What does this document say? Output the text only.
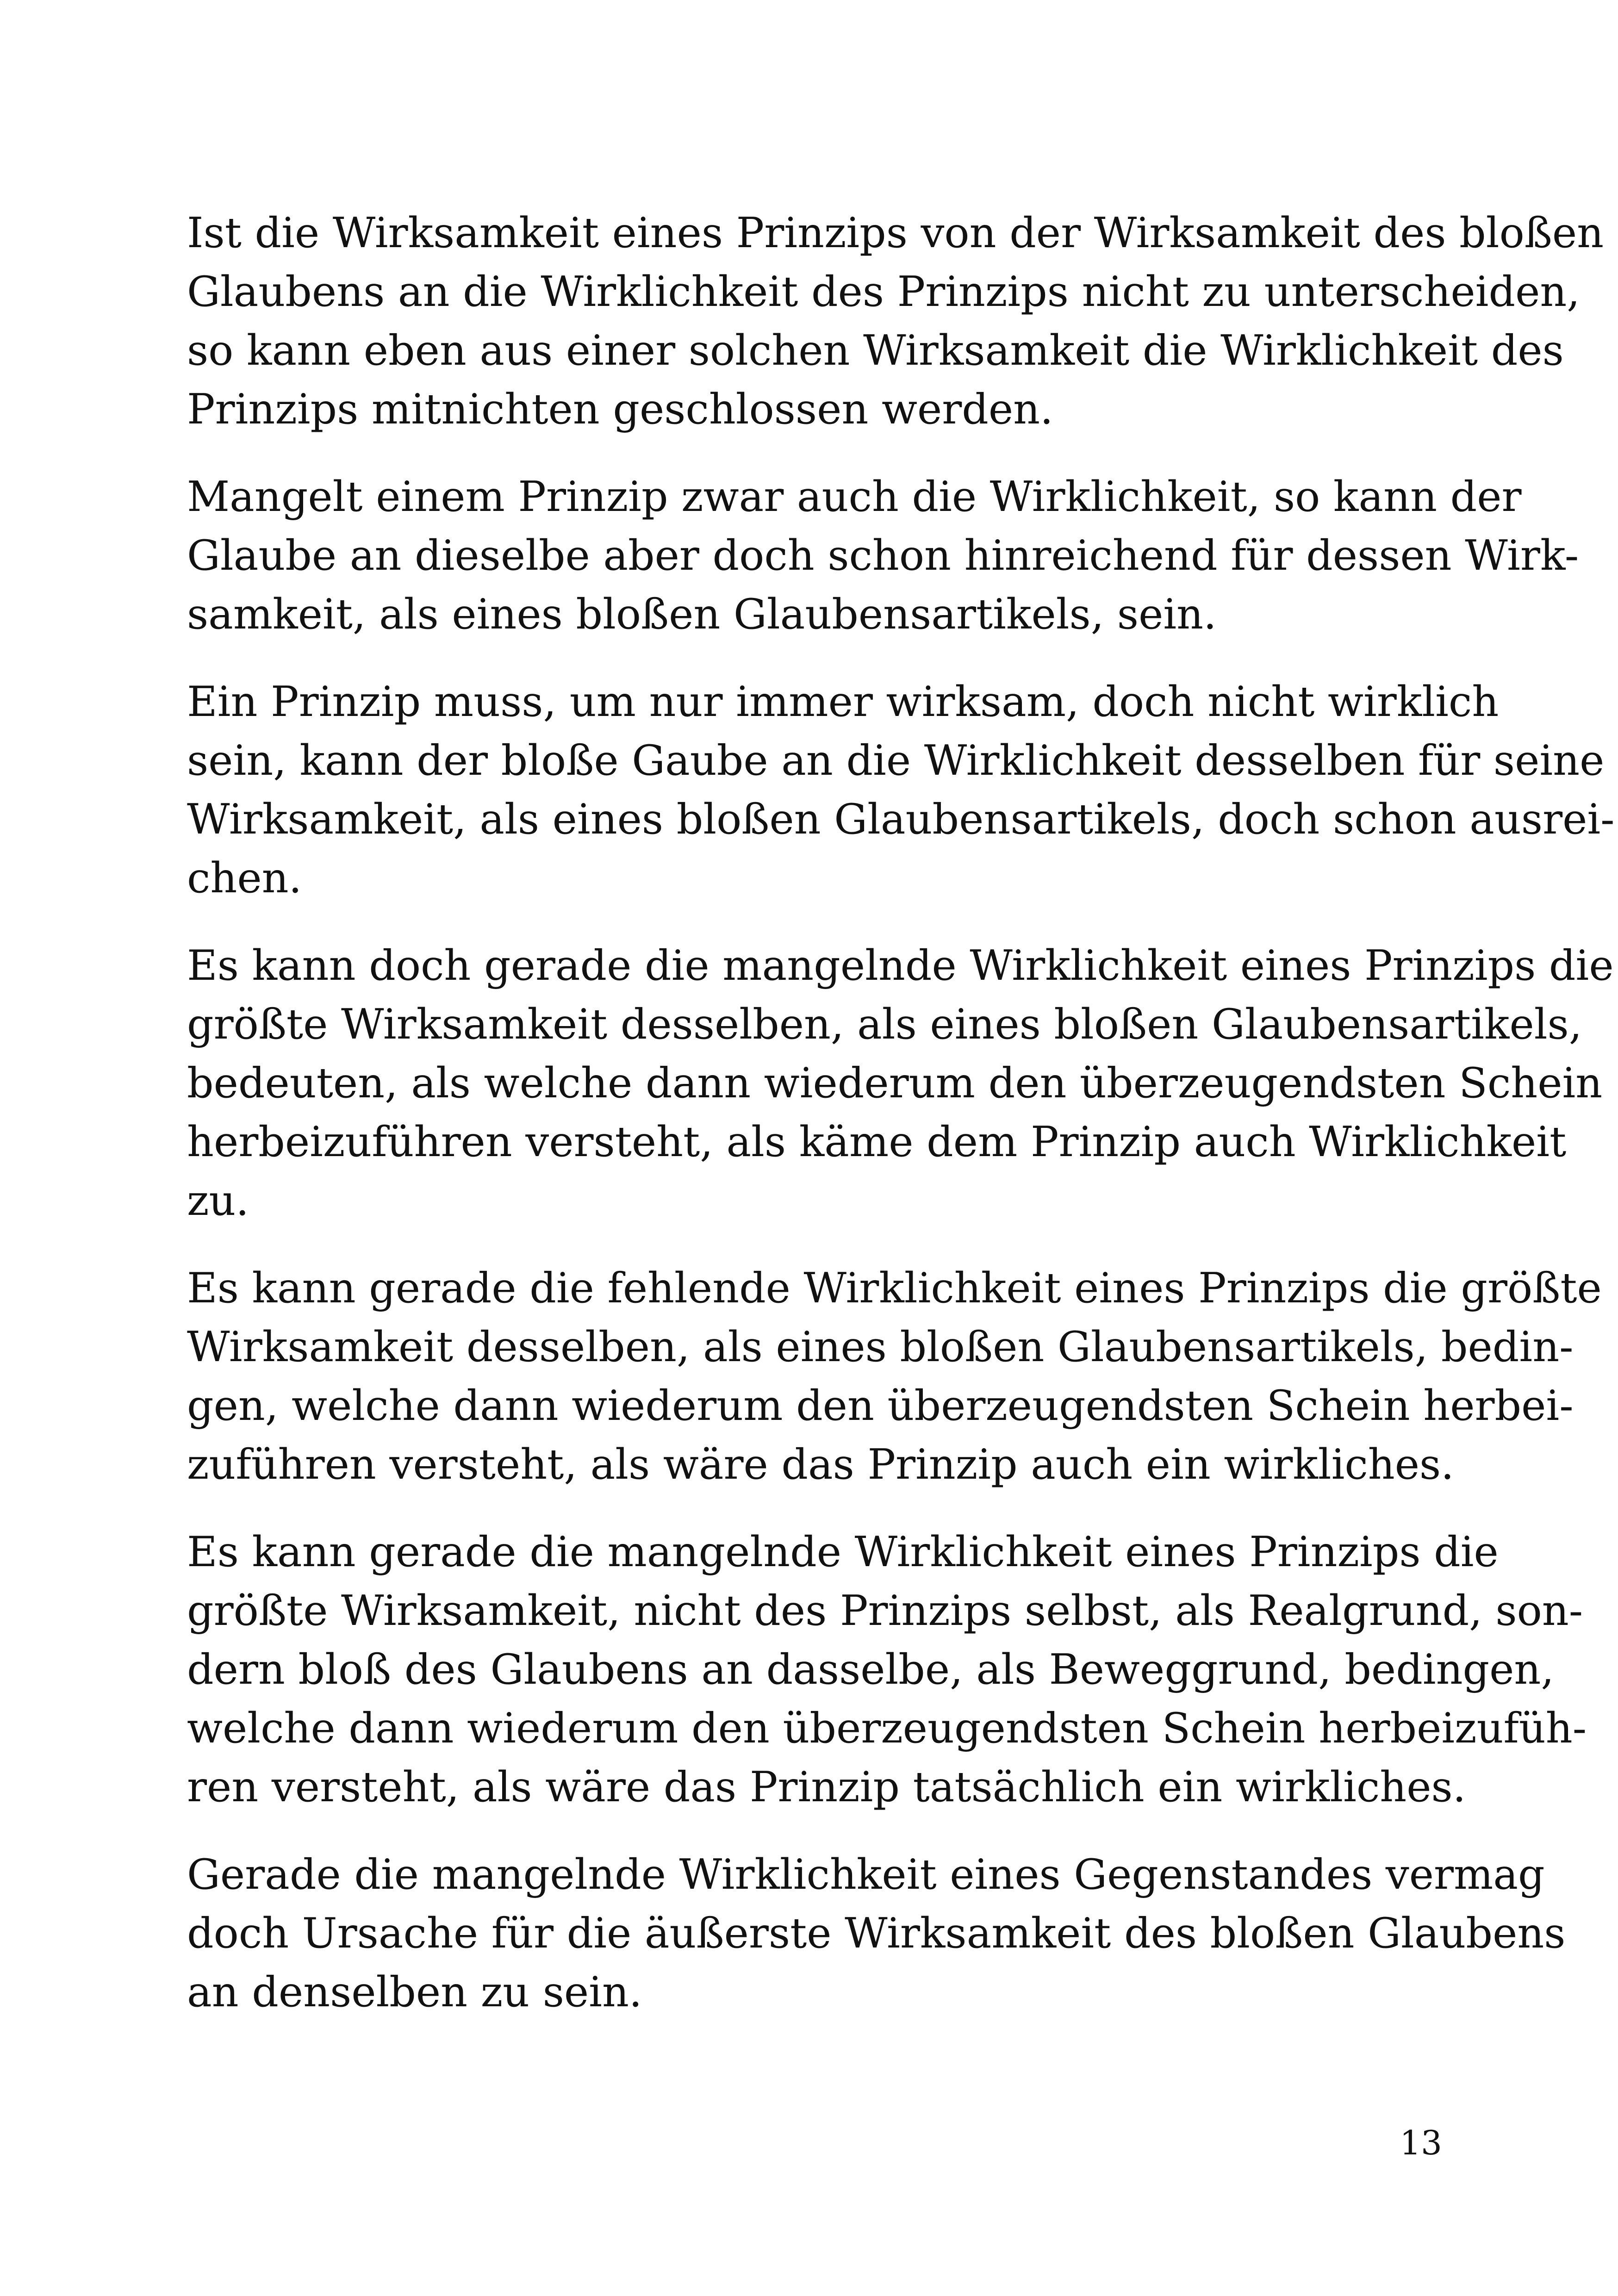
Ist die Wirksamkeit eines Prinzips von der Wirksamkeit des bloßen
Glaubens an die Wirklichkeit des Prinzips nicht zu unterscheiden,
so kann eben aus einer solchen Wirksamkeit die Wirklichkeit des
Prinzips mitnichten geschlossen werden.

Mangelt einem Prinzip zwar auch die Wirklichkeit, so kann der
Glaube an dieselbe aber doch schon hinreichend für dessen Wirk-
samkeit, als eines bloßen Glaubensartikels, sein.

Ein Prinzip muss, um nur immer wirksam, doch nicht wirklich
sein, kann der bloße Gaube an die Wirklichkeit desselben für seine
Wirksamkeit, als eines bloßen Glaubensartikels, doch schon ausrei-
chen.

Es kann doch gerade die mangelnde Wirklichkeit eines Prinzips die
größte Wirksamkeit desselben, als eines bloßen Glaubensartikels,
bedeuten, als welche dann wiederum den überzeugendsten Schein
herbeizuführen versteht, als käme dem Prinzip auch Wirklichkeit
zu.

Es kann gerade die fehlende Wirklichkeit eines Prinzips die größte
Wirksamkeit desselben, als eines bloßen Glaubensartikels, bedin-
gen, welche dann wiederum den überzeugendsten Schein herbei-
zuführen versteht, als wäre das Prinzip auch ein wirkliches.

Es kann gerade die mangelnde Wirklichkeit eines Prinzips die
größte Wirksamkeit, nicht des Prinzips selbst, als Realgrund, son-
dern bloß des Glaubens an dasselbe, als Beweggrund, bedingen,
welche dann wiederum den überzeugendsten Schein herbeizufüh-
ren versteht, als wäre das Prinzip tatsächlich ein wirkliches.

Gerade die mangelnde Wirklichkeit eines Gegenstandes vermag
doch Ursache für die äußerste Wirksamkeit des bloßen Glaubens
an denselben zu sein.

13
